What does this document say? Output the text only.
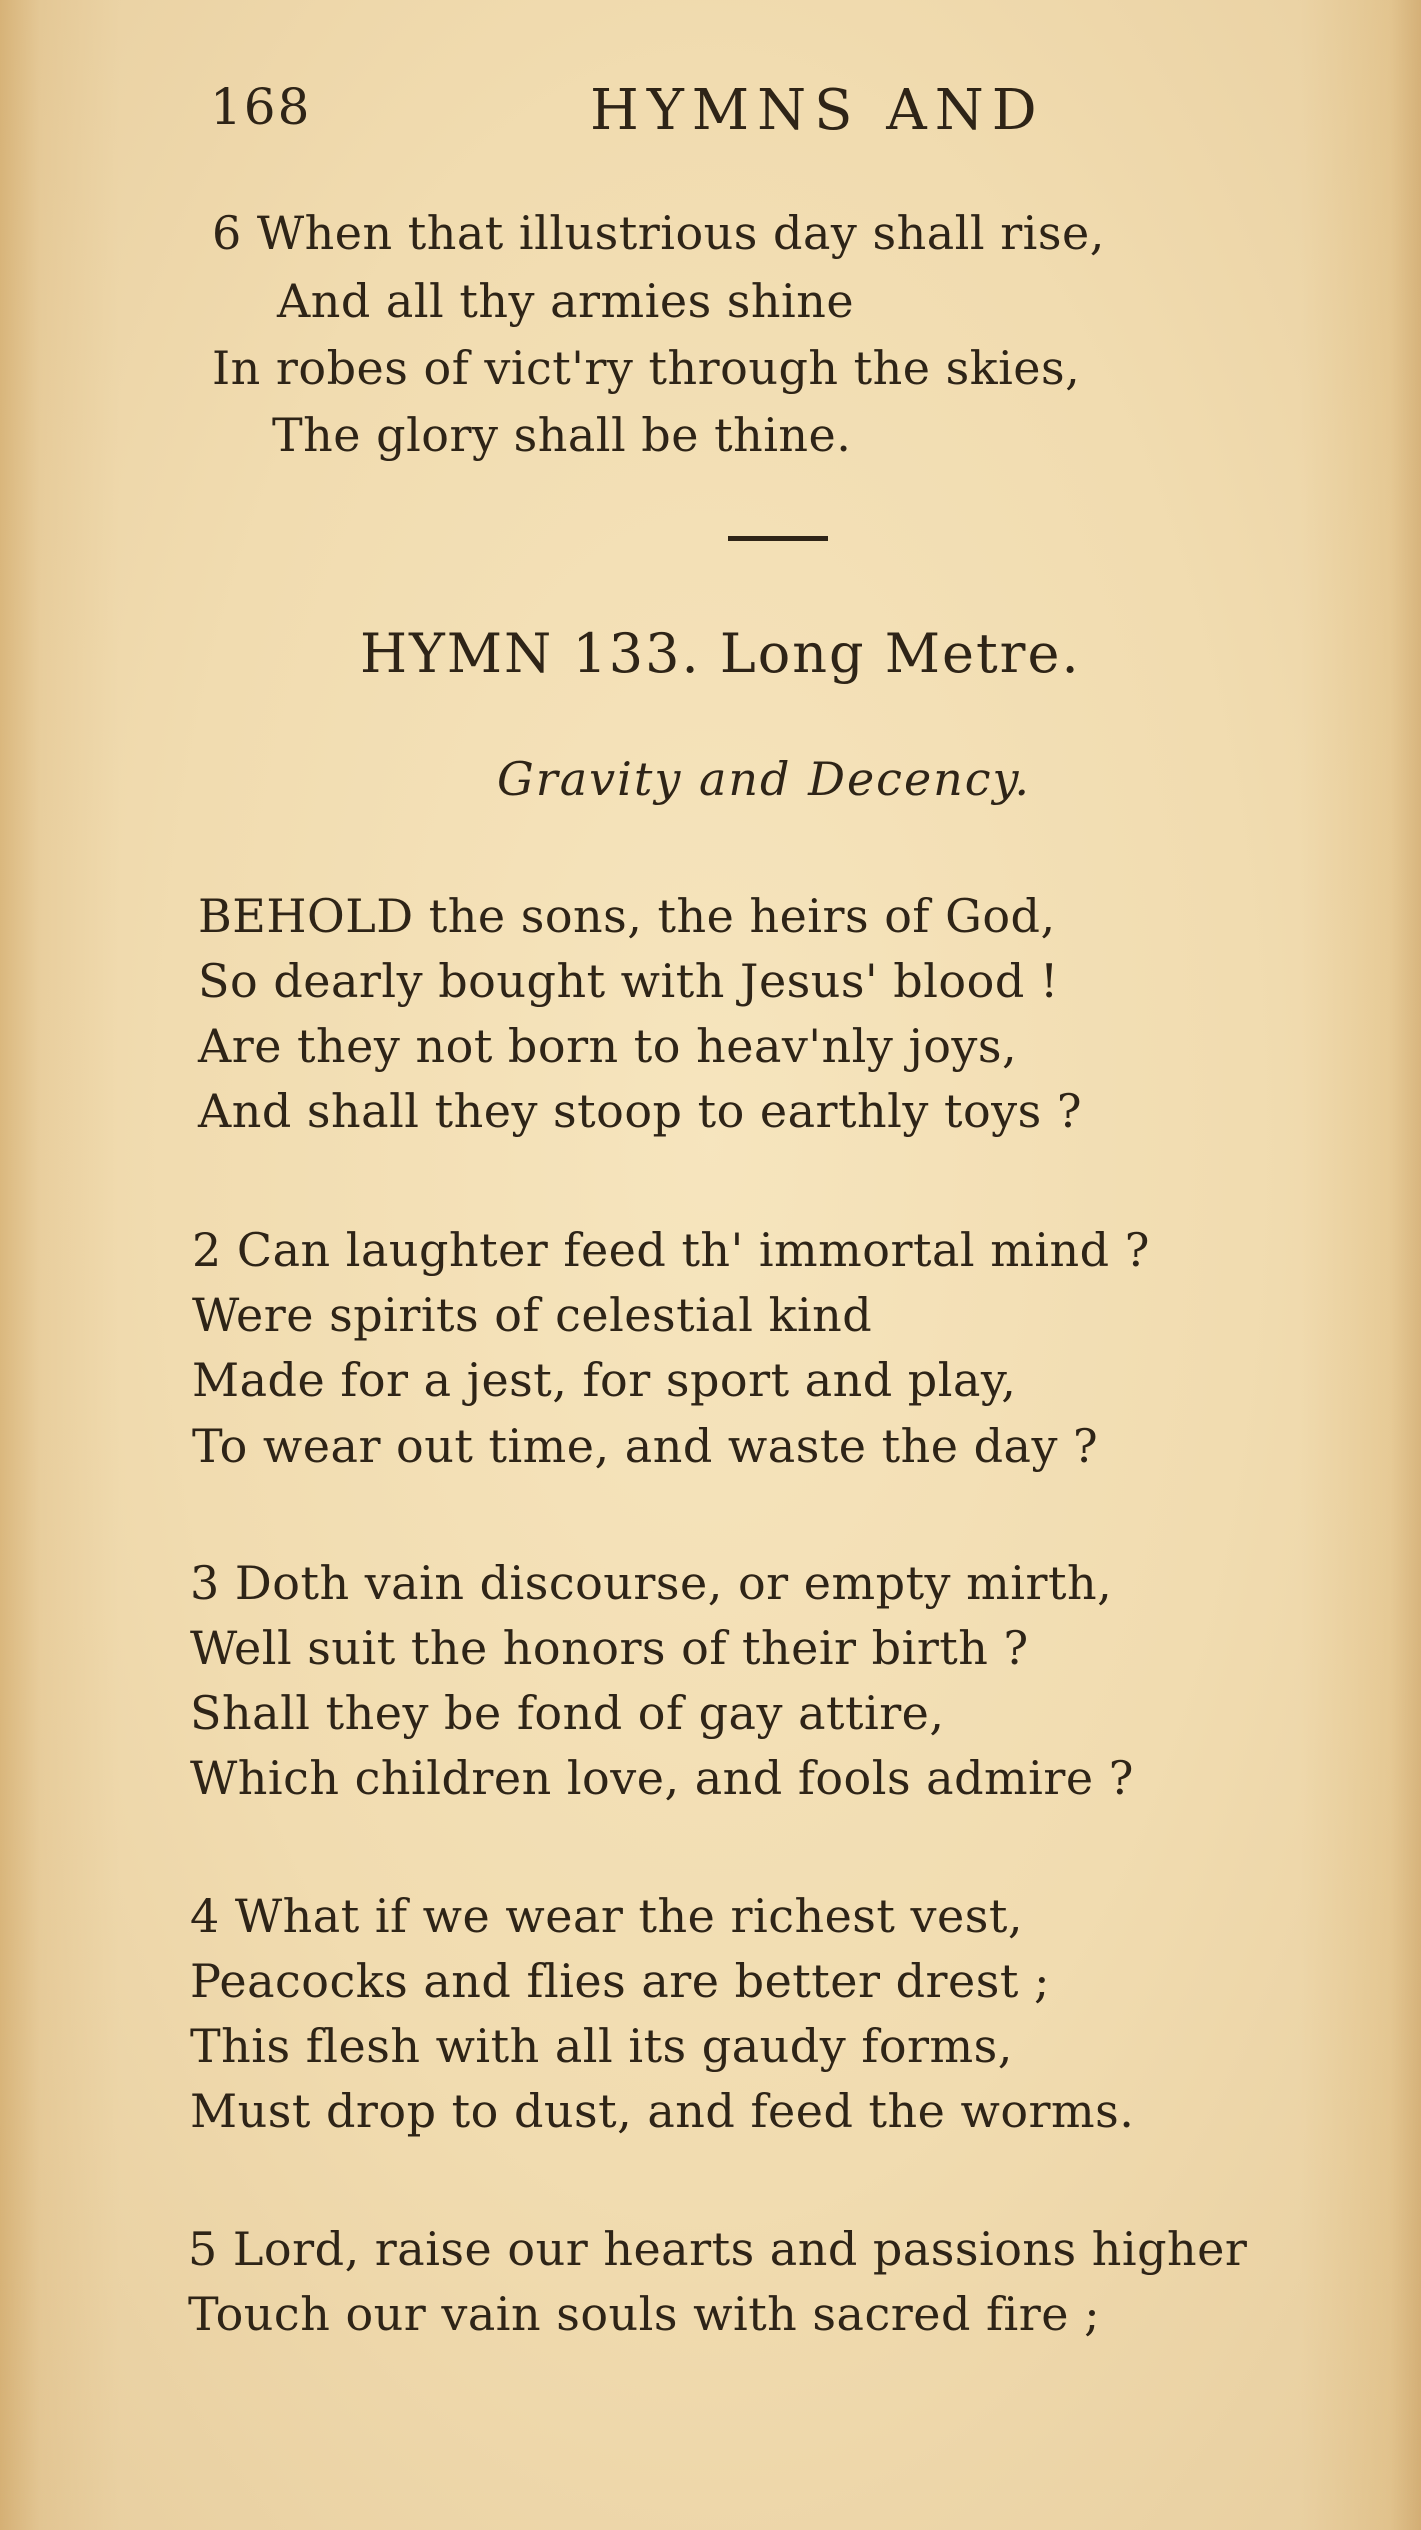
168	HYMNS AND
6 When that illustrious day shall rise,
And all thy armies shine
In robes of vict'ry through the skies,
The glory shall be thine.
HYMN 133. Long Metre.
Gravity and Decency.
BEHOLD the sons, the heirs of God,
So dearly bought with Jesus' blood !
Are they not born to heav'nly joys,
And shall they stoop to earthly toys ?
2 Can laughter feed th' immortal mind ?
Were spirits of celestial kind
Made for a jest, for sport and play,
To wear out time, and waste the day ?
3 Doth vain discourse, or empty mirth,
Well suit the honors of their birth ?
Shall they be fond of gay attire,
Which children love, and fools admire ?
4 What if we wear the richest vest,
Peacocks and flies are better drest ;
This flesh with all its gaudy forms,
Must drop to dust, and feed the worms.
5 Lord, raise our hearts and passions higher
Touch our vain souls with sacred fire ;
